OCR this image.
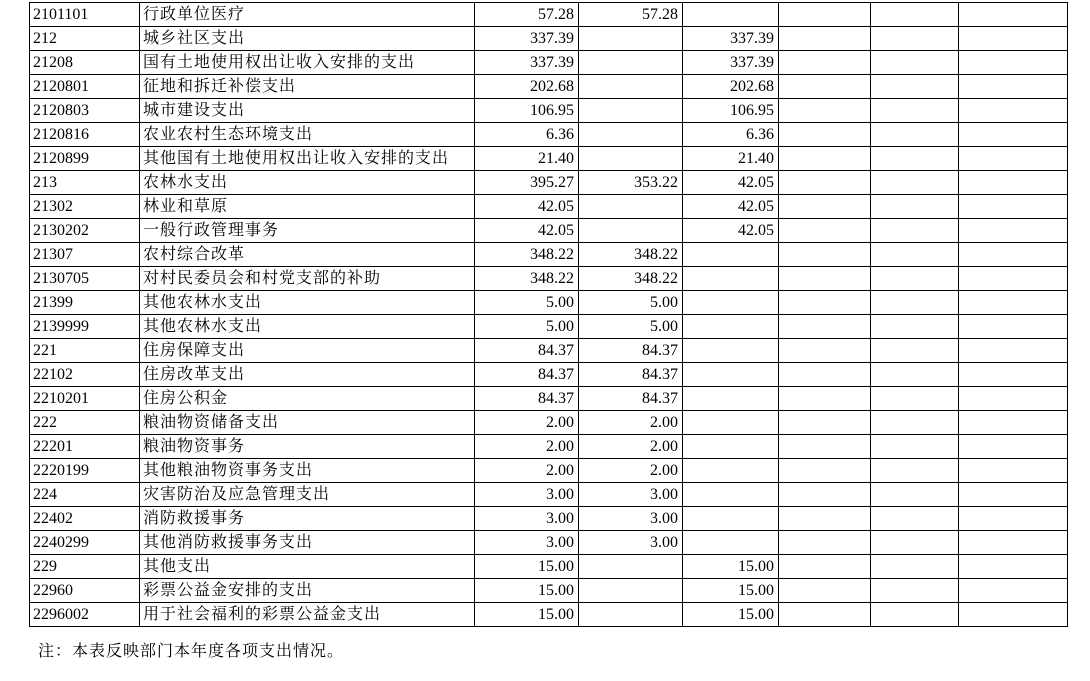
2101101	行政单位医疗	57.28	57.28				
212	城乡社区支出	337.39		337.39			
21208	国有土地使用权出让收入安排的支出	337.39		337.39			
2120801	征地和拆迁补偿支出	202.68		202.68			
2120803	城市建设支出	106.95		106.95			
2120816	农业农村生态环境支出	6.36		6.36			
2120899	其他国有土地使用权出让收入安排的支出	21.40		21.40			
213	农林水支出	395.27	353.22	42.05			
21302	林业和草原	42.05		42.05			
2130202	一般行政管理事务	42.05		42.05			
21307	农村综合改革	348.22	348.22				
2130705	对村民委员会和村党支部的补助	348.22	348.22				
21399	其他农林水支出	5.00	5.00				
2139999	其他农林水支出	5.00	5.00				
221	住房保障支出	84.37	84.37				
22102	住房改革支出	84.37	84.37				
2210201	住房公积金	84.37	84.37				
222	粮油物资储备支出	2.00	2.00				
22201	粮油物资事务	2.00	2.00				
2220199	其他粮油物资事务支出	2.00	2.00				
224	灾害防治及应急管理支出	3.00	3.00				
22402	消防救援事务	3.00	3.00				
2240299	其他消防救援事务支出	3.00	3.00				
229	其他支出	15.00		15.00			
22960	彩票公益金安排的支出	15.00		15.00			
2296002	用于社会福利的彩票公益金支出	15.00		15.00			
注：本表反映部门本年度各项支出情况。
